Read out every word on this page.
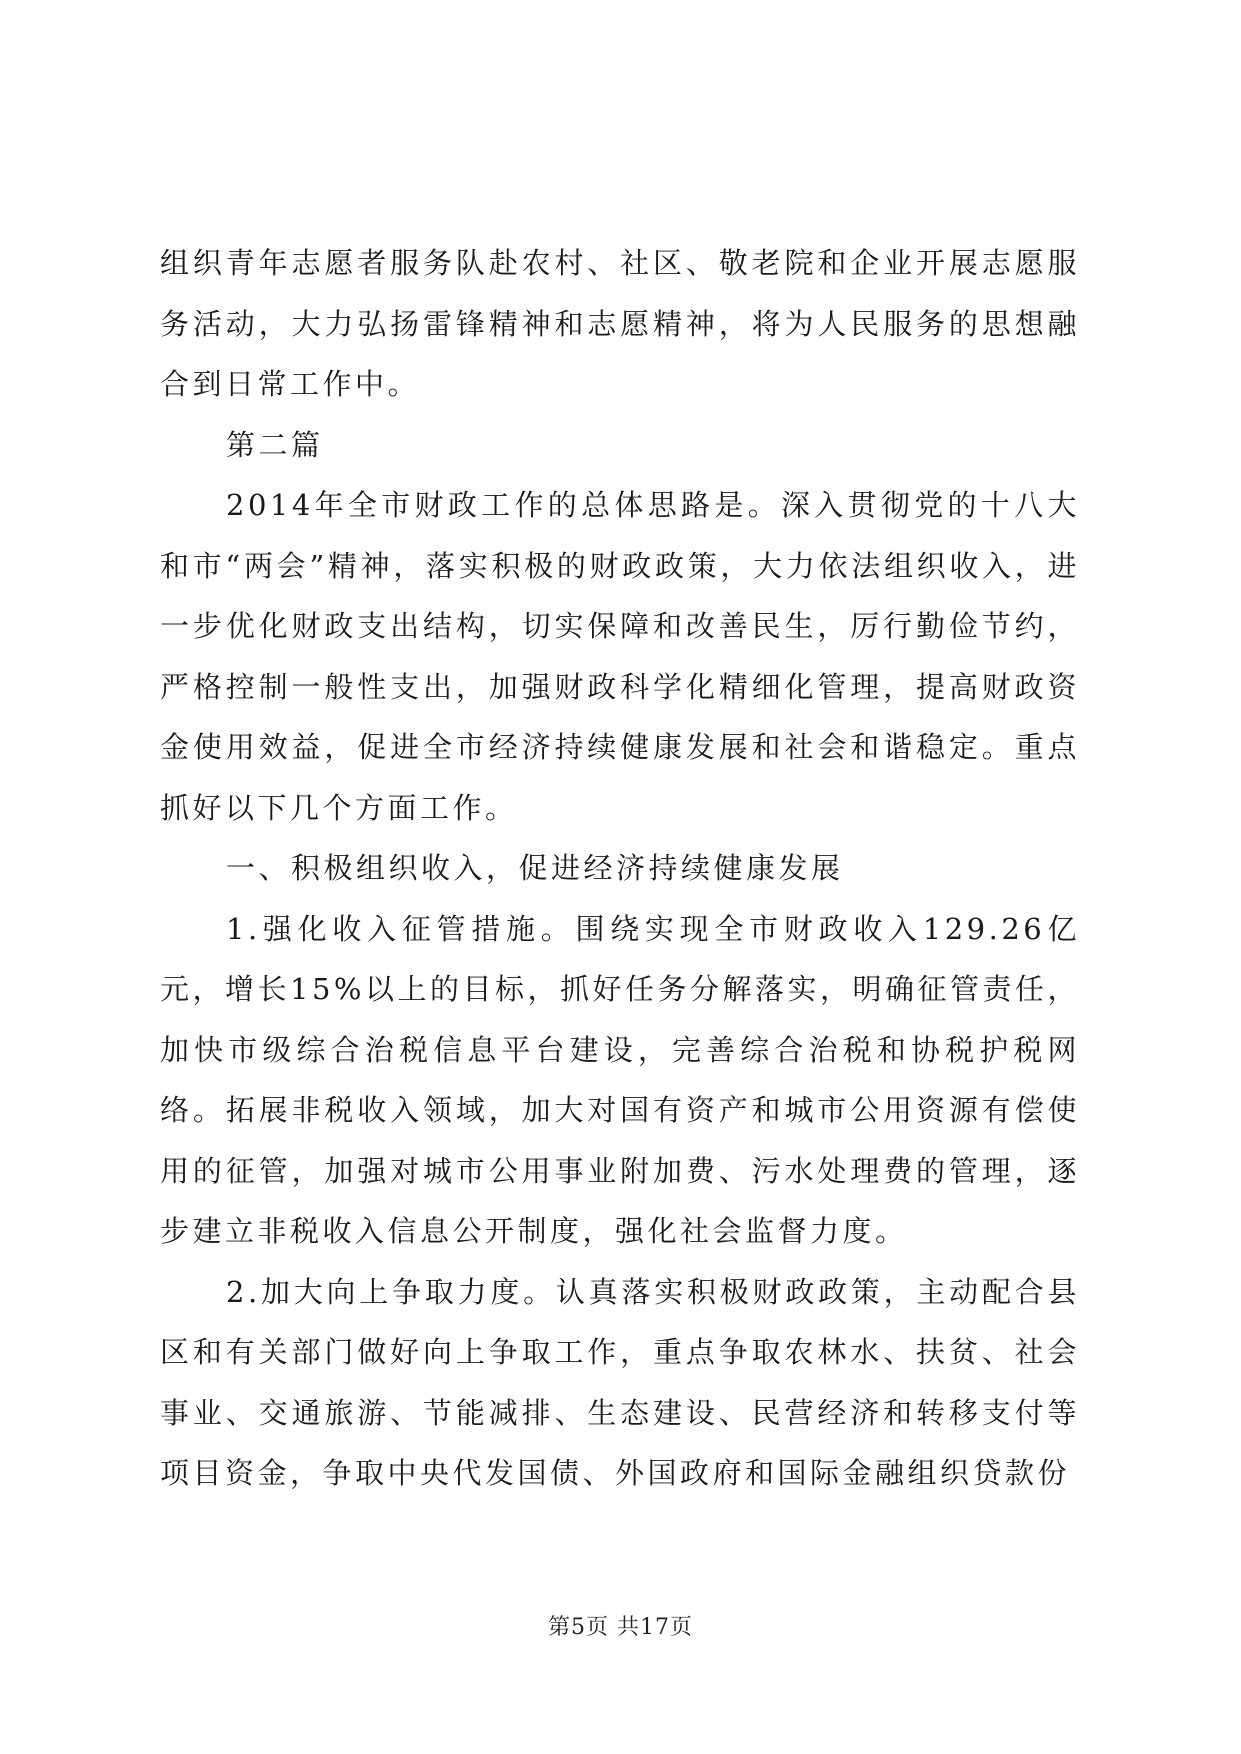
组织青年志愿者服务队赴农村、社区、敬老院和企业开展志愿服务活动，大力弘扬雷锋精神和志愿精神，将为人民服务的思想融合到日常工作中。

第二篇

2014年全市财政工作的总体思路是。深入贯彻党的十八大和市“两会”精神，落实积极的财政政策，大力依法组织收入，进一步优化财政支出结构，切实保障和改善民生，厉行勤俭节约，严格控制一般性支出，加强财政科学化精细化管理，提高财政资金使用效益，促进全市经济持续健康发展和社会和谐稳定。重点抓好以下几个方面工作。

一、积极组织收入，促进经济持续健康发展

1.强化收入征管措施。围绕实现全市财政收入129.26亿元，增长15%以上的目标，抓好任务分解落实，明确征管责任，加快市级综合治税信息平台建设，完善综合治税和协税护税网络。拓展非税收入领域，加大对国有资产和城市公用资源有偿使用的征管，加强对城市公用事业附加费、污水处理费的管理，逐步建立非税收入信息公开制度，强化社会监督力度。

2.加大向上争取力度。认真落实积极财政政策，主动配合县区和有关部门做好向上争取工作，重点争取农林水、扶贫、社会事业、交通旅游、节能减排、生态建设、民营经济和转移支付等项目资金，争取中央代发国债、外国政府和国际金融组织贷款份

第5页 共17页
